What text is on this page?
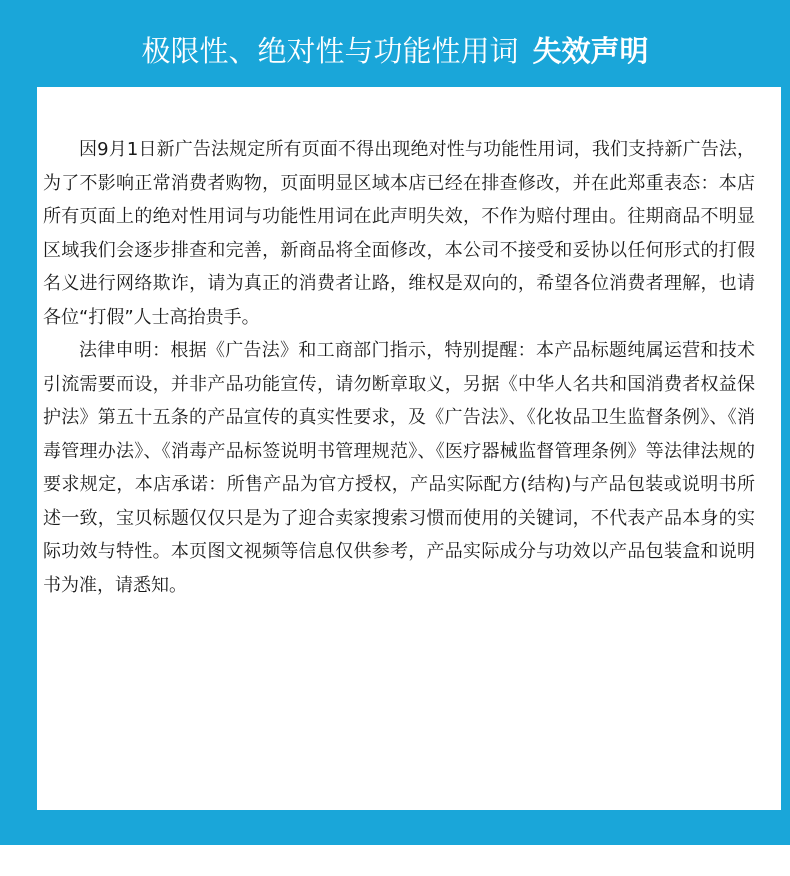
极限性、绝对性与功能性用词 失效声明

因9月1日新广告法规定所有页面不得出现绝对性与功能性用词，我们支持新广告法，为了不影响正常消费者购物，页面明显区域本店已经在排查修改，并在此郑重表态：本店所有页面上的绝对性用词与功能性用词在此声明失效，不作为赔付理由。往期商品不明显区域我们会逐步排查和完善，新商品将全面修改，本公司不接受和妥协以任何形式的打假名义进行网络欺诈，请为真正的消费者让路，维权是双向的，希望各位消费者理解，也请各位“打假”人士高抬贵手。

法律申明：根据《广告法》和工商部门指示，特别提醒：本产品标题纯属运营和技术引流需要而设，并非产品功能宣传，请勿断章取义，另据《中华人名共和国消费者权益保护法》第五十五条的产品宣传的真实性要求，及《广告法》、《化妆品卫生监督条例》、《消毒管理办法》、《消毒产品标签说明书管理规范》、《医疗器械监督管理条例》等法律法规的要求规定，本店承诺：所售产品为官方授权，产品实际配方(结构)与产品包装或说明书所述一致，宝贝标题仅仅只是为了迎合卖家搜索习惯而使用的关键词，不代表产品本身的实际功效与特性。本页图文视频等信息仅供参考，产品实际成分与功效以产品包装盒和说明书为准，请悉知。
